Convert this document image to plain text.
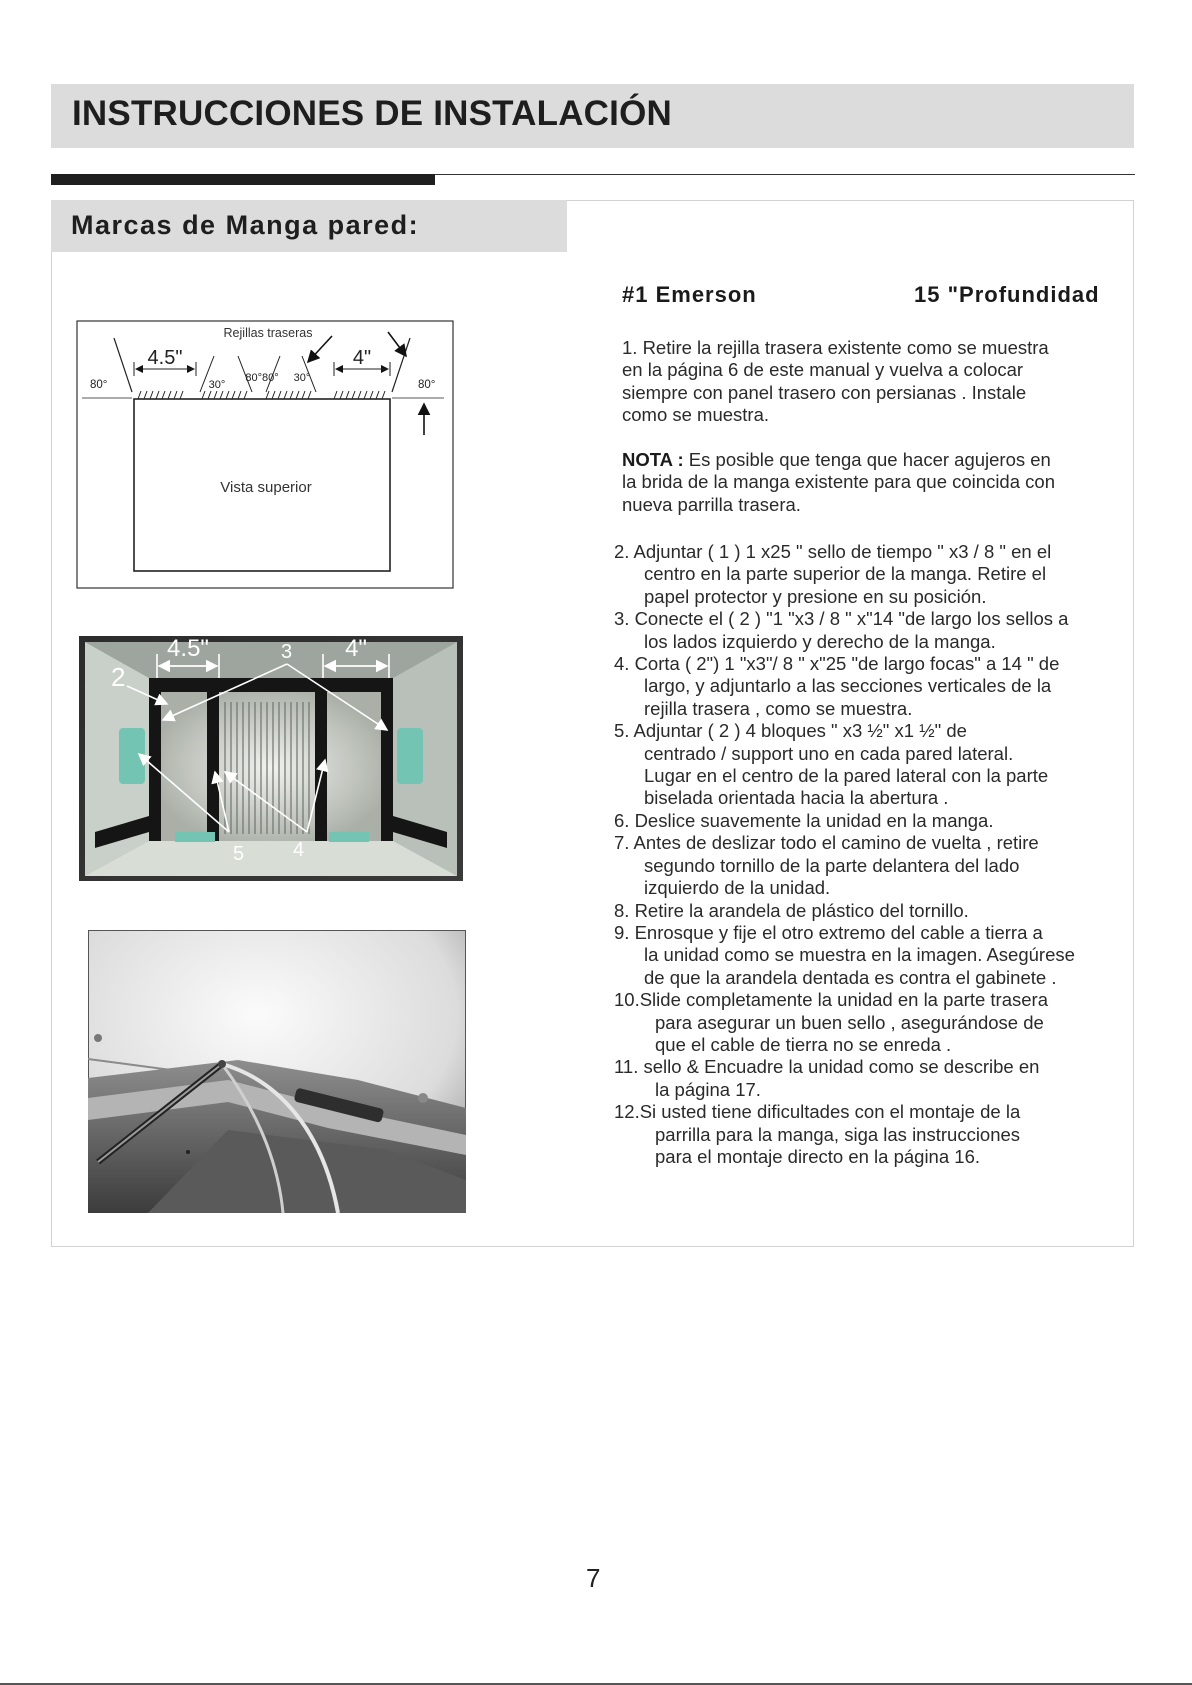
INSTRUCCIONES DE INSTALACIÓN
Marcas de Manga pared:
Rejillas traseras
Vista superior
4.5"	4"
80°	80°
30°
80°80° 30°
4.5"	4"
2
3
4
5
#1 Emerson	15 "Profundidad
1. Retire la rejilla trasera existente como se muestra
en la página 6 de este manual y vuelva a colocar
siempre con panel trasero con persianas . Instale
como se muestra.
NOTA : Es posible que tenga que hacer agujeros en
la brida de la manga existente para que coincida con
nueva parrilla trasera.
2. Adjuntar ( 1 ) 1 x25 " sello de tiempo " x3 / 8 " en el
centro en la parte superior de la manga. Retire el
papel protector y presione en su posición.
3. Conecte el ( 2 ) "1 "x3 / 8 " x"14 "de largo los sellos a
los lados izquierdo y derecho de la manga.
4. Corta ( 2") 1 "x3"/ 8 " x"25 "de largo focas" a 14 " de
largo, y adjuntarlo a las secciones verticales de la
rejilla trasera , como se muestra.
5. Adjuntar ( 2 ) 4 bloques " x3 ½" x1 ½" de
centrado / support uno en cada pared lateral.
Lugar en el centro de la pared lateral con la parte
biselada orientada hacia la abertura .
6. Deslice suavemente la unidad en la manga.
7. Antes de deslizar todo el camino de vuelta , retire
segundo tornillo de la parte delantera del lado
izquierdo de la unidad.
8. Retire la arandela de plástico del tornillo.
9. Enrosque y fije el otro extremo del cable a tierra a
la unidad como se muestra en la imagen. Asegúrese
de que la arandela dentada es contra el gabinete .
10.Slide completamente la unidad en la parte trasera
para asegurar un buen sello , asegurándose de
que el cable de tierra no se enreda .
11. sello & Encuadre la unidad como se describe en
la página 17.
12.Si usted tiene dificultades con el montaje de la
parrilla para la manga, siga las instrucciones
para el montaje directo en la página 16.
7
